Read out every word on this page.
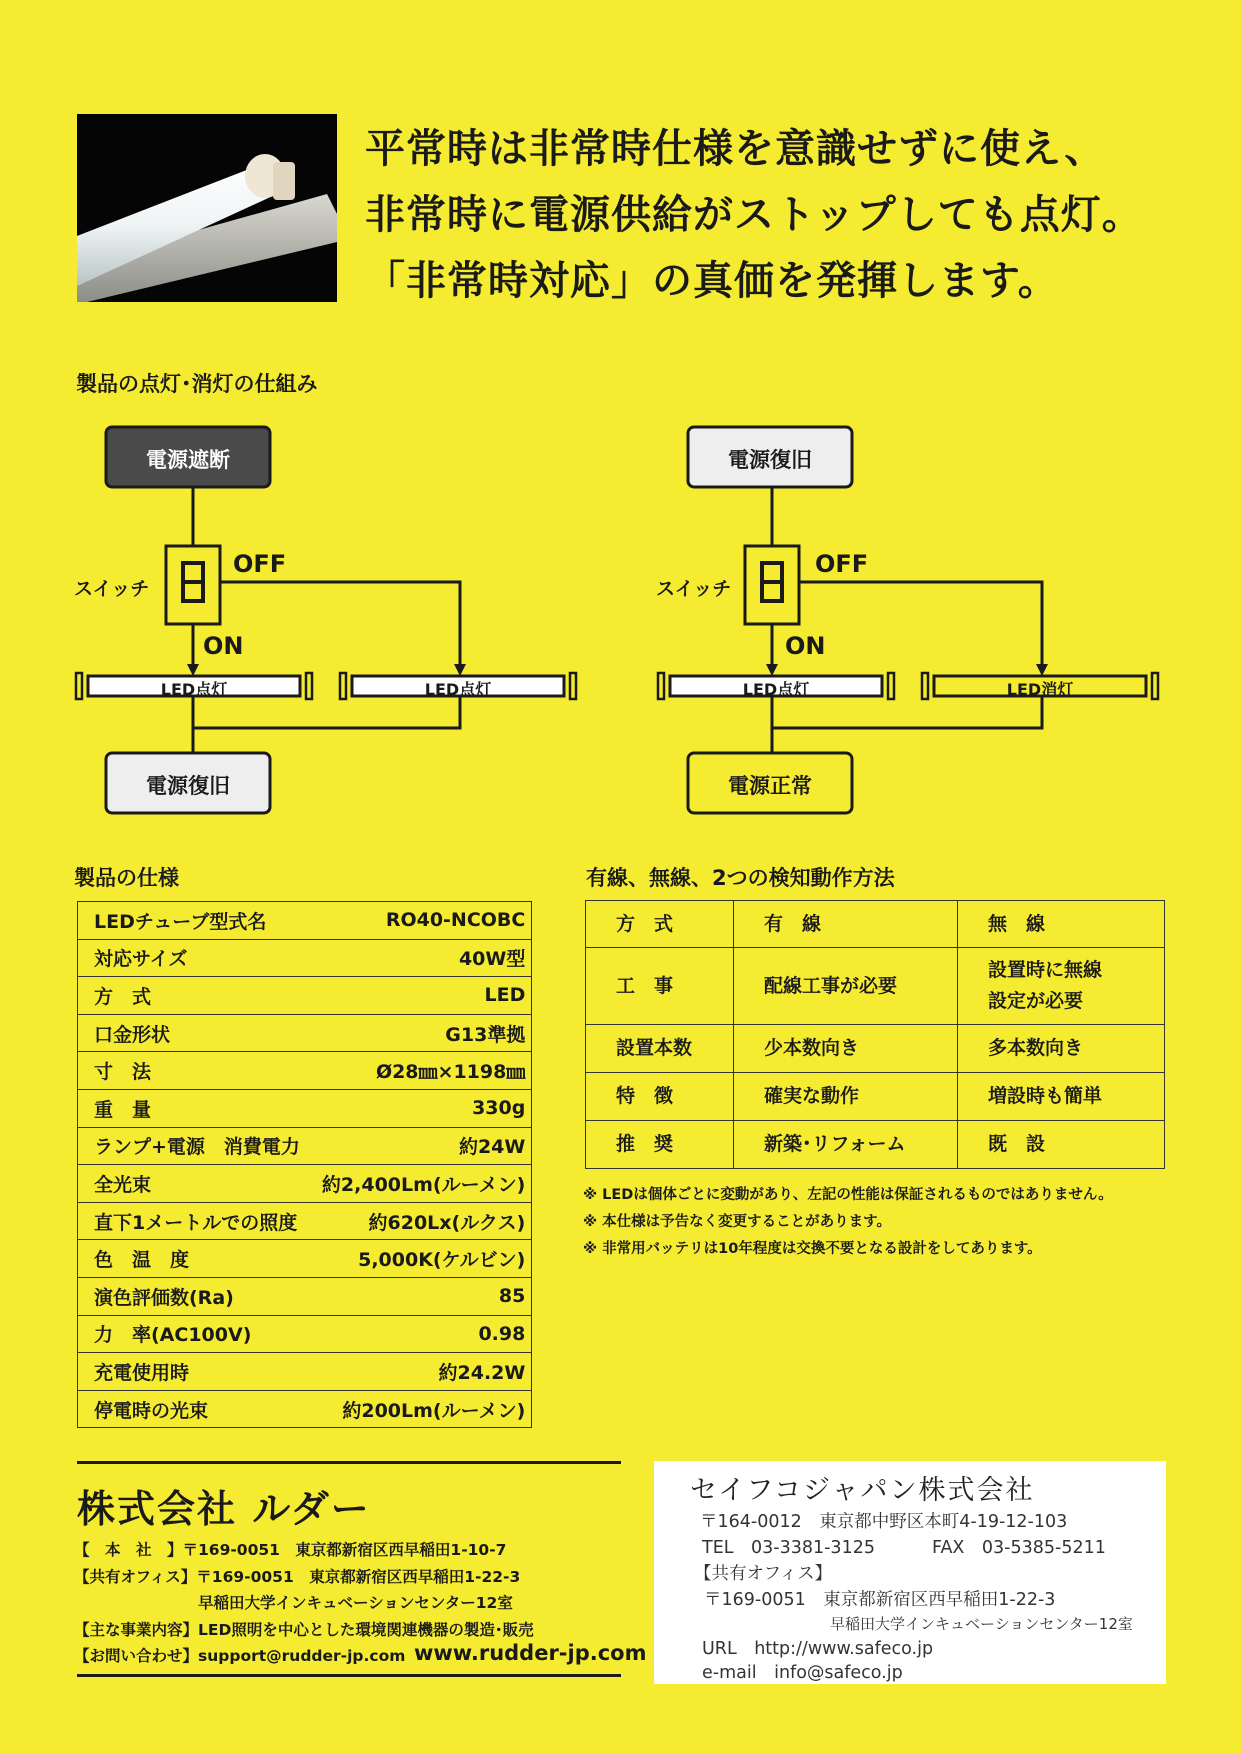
平常時は非常時仕様を意識せずに使え、
非常時に電源供給がストップしても点灯。
「非常時対応」の真価を発揮します。
製品の点灯･消灯の仕組み
電源遮断
スイッチ
OFF
ON
LED点灯	LED点灯
電源復旧
電源復旧
スイッチ
OFF
ON
LED点灯	LED消灯
電源正常
製品の仕様
LEDチューブ型式名	RO40-NCOBC
対応サイズ	40W型
方　式	LED
口金形状	G13準拠
寸　法	Ø28㎜×1198㎜
重　量	330g
ランプ+電源　消費電力	約24W
全光束	約2,400Lm(ルーメン)
直下1メートルでの照度	約620Lx(ルクス)
色　温　度	5,000K(ケルビン)
演色評価数(Ra)	85
力　率(AC100V)	0.98
充電使用時	約24.2W
停電時の光束	約200Lm(ルーメン)
有線、無線、2つの検知動作方法
方　式	有　線	無　線
工　事	配線工事が必要	設置時に無線
設定が必要

設置本数	少本数向き	多本数向き
特　徴	確実な動作	増設時も簡単
推　奨	新築･リフォーム	既　設
※ LEDは個体ごとに変動があり、左記の性能は保証されるものではありません。
※ 本仕様は予告なく変更することがあります。
※ 非常用バッテリは10年程度は交換不要となる設計をしてあります。
株式会社 ルダー
【　本　社　】〒169-0051　東京都新宿区西早稲田1-10-7
【共有オフィス】〒169-0051　東京都新宿区西早稲田1-22-3
　　　　　　　　早稲田大学インキュベーションセンター12室
【主な事業内容】LED照明を中心とした環境関連機器の製造･販売
【お問い合わせ】support@rudder-jp.com www.rudder-jp.com
セイフコジャパン株式会社
〒164-0012　東京都中野区本町4-19-12-103
TEL　03-3381-3125	FAX　03-5385-5211
【共有オフィス】
〒169-0051　東京都新宿区西早稲田1-22-3
早稲田大学インキュベーションセンター12室
URL　http://www.safeco.jp
e-mail　info@safeco.jp
